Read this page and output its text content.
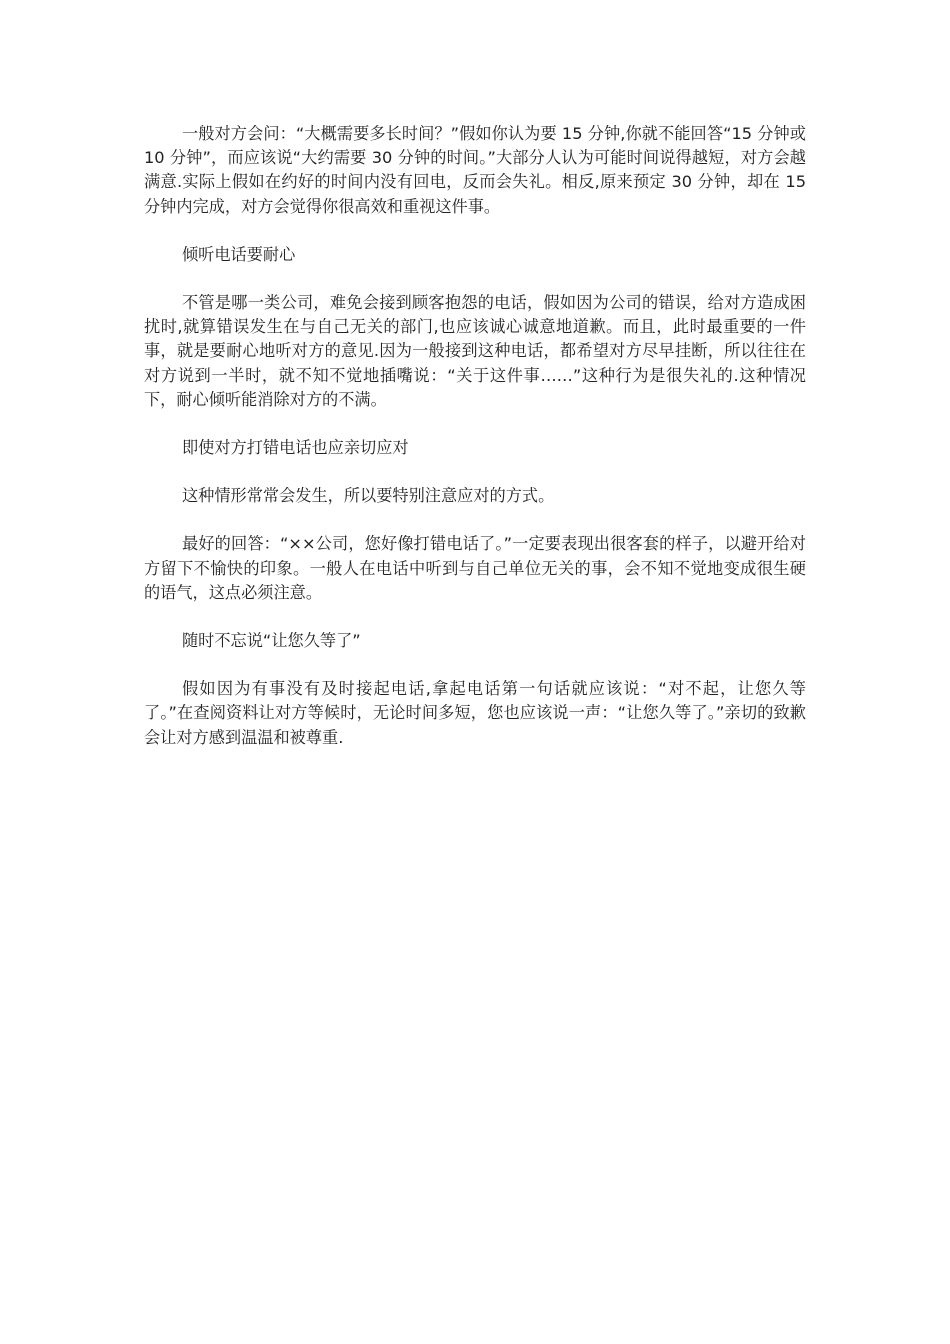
一般对方会问：“大概需要多长时间？”假如你认为要 15 分钟,你就不能回答“15 分钟或 10 分钟”，而应该说“大约需要 30 分钟的时间。”大部分人认为可能时间说得越短，对方会越满意.实际上假如在约好的时间内没有回电，反而会失礼。相反,原来预定 30 分钟，却在 15 分钟内完成，对方会觉得你很高效和重视这件事。

倾听电话要耐心

不管是哪一类公司，难免会接到顾客抱怨的电话，假如因为公司的错误，给对方造成困扰时,就算错误发生在与自己无关的部门,也应该诚心诚意地道歉。而且，此时最重要的一件事，就是要耐心地听对方的意见.因为一般接到这种电话，都希望对方尽早挂断，所以往往在对方说到一半时，就不知不觉地插嘴说：“关于这件事……”这种行为是很失礼的.这种情况下，耐心倾听能消除对方的不满。

即使对方打错电话也应亲切应对

这种情形常常会发生，所以要特别注意应对的方式。

最好的回答：“××公司，您好像打错电话了。”一定要表现出很客套的样子，以避开给对方留下不愉快的印象。一般人在电话中听到与自己单位无关的事，会不知不觉地变成很生硬的语气，这点必须注意。

随时不忘说“让您久等了”

假如因为有事没有及时接起电话,拿起电话第一句话就应该说：“对不起，让您久等了。”在查阅资料让对方等候时，无论时间多短，您也应该说一声：“让您久等了。”亲切的致歉会让对方感到温温和被尊重.
